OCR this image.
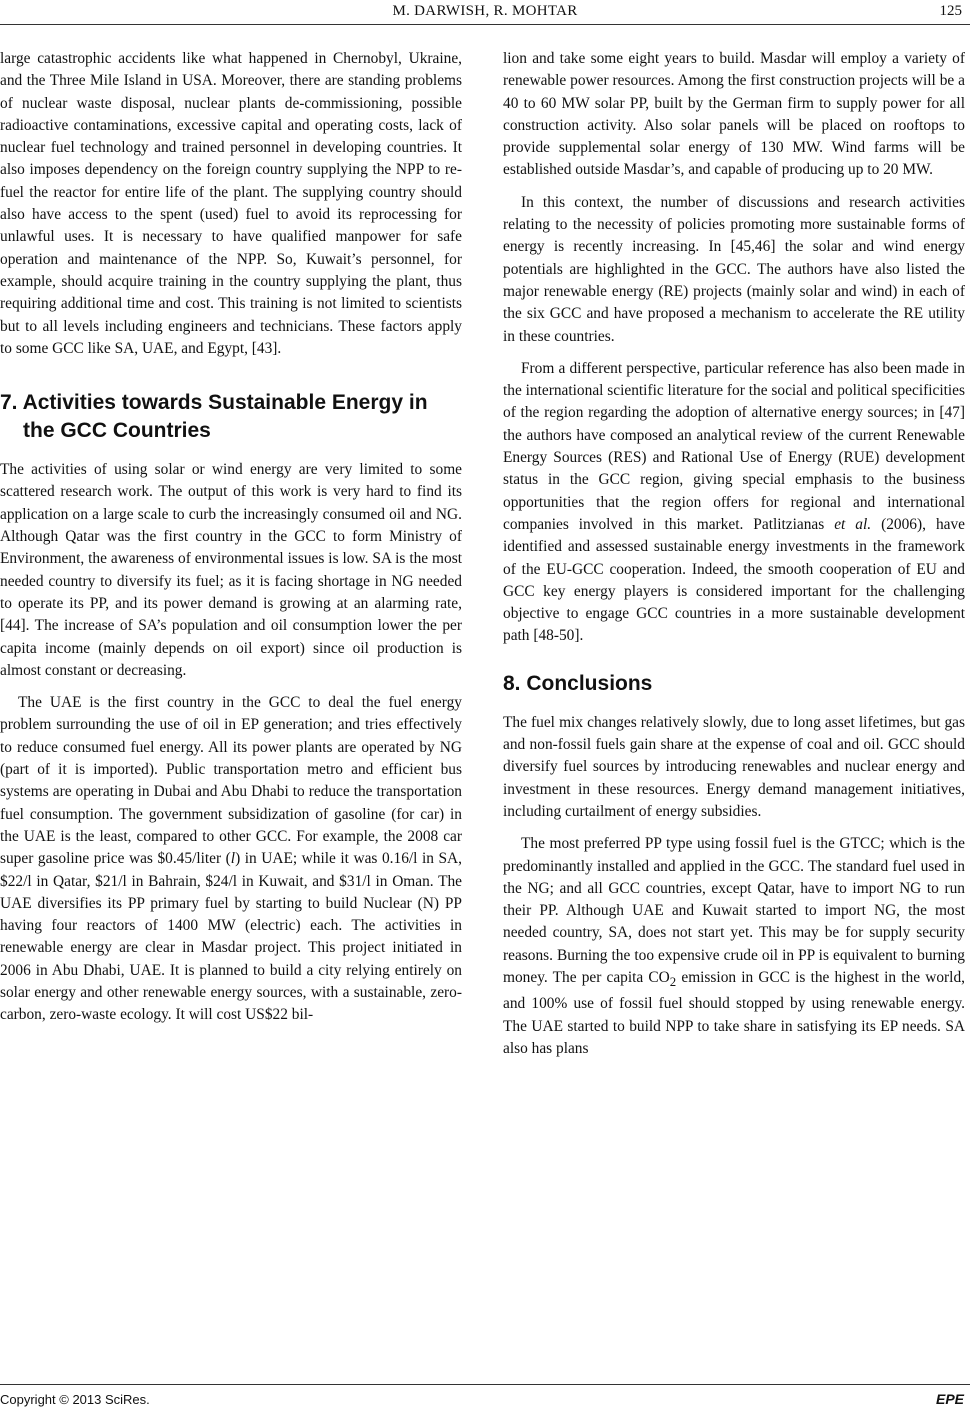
M. DARWISH, R. MOHTAR	125

large catastrophic accidents like what happened in Chernobyl, Ukraine, and the Three Mile Island in USA. Moreover, there are standing problems of nuclear waste disposal, nuclear plants de-commissioning, possible radioactive contaminations, excessive capital and operating costs, lack of nuclear fuel technology and trained personnel in developing countries. It also imposes dependency on the foreign country supplying the NPP to re-fuel the reactor for entire life of the plant. The supplying country should also have access to the spent (used) fuel to avoid its reprocessing for unlawful uses. It is necessary to have qualified manpower for safe operation and maintenance of the NPP. So, Kuwait’s personnel, for example, should acquire training in the country supplying the plant, thus requiring additional time and cost. This training is not limited to scientists but to all levels including engineers and technicians. These factors apply to some GCC like SA, UAE, and Egypt, [43].

7. Activities towards Sustainable Energy in the GCC Countries

The activities of using solar or wind energy are very limited to some scattered research work. The output of this work is very hard to find its application on a large scale to curb the increasingly consumed oil and NG. Although Qatar was the first country in the GCC to form Ministry of Environment, the awareness of environmental issues is low. SA is the most needed country to diversify its fuel; as it is facing shortage in NG needed to operate its PP, and its power demand is growing at an alarming rate, [44]. The increase of SA’s population and oil consumption lower the per capita income (mainly depends on oil export) since oil production is almost constant or decreasing.

The UAE is the first country in the GCC to deal the fuel energy problem surrounding the use of oil in EP generation; and tries effectively to reduce consumed fuel energy. All its power plants are operated by NG (part of it is imported). Public transportation metro and efficient bus systems are operating in Dubai and Abu Dhabi to reduce the transportation fuel consumption. The government subsidization of gasoline (for car) in the UAE is the least, compared to other GCC. For example, the 2008 car super gasoline price was $0.45/liter (l) in UAE; while it was 0.16/l in SA, $22/l in Qatar, $21/l in Bahrain, $24/l in Kuwait, and $31/l in Oman. The UAE diversifies its PP primary fuel by starting to build Nuclear (N) PP having four reactors of 1400 MW (electric) each. The activities in renewable energy are clear in Masdar project. This project initiated in 2006 in Abu Dhabi, UAE. It is planned to build a city relying entirely on solar energy and other renewable energy sources, with a sustainable, zero-carbon, zero-waste ecology. It will cost US$22 bil-

lion and take some eight years to build. Masdar will employ a variety of renewable power resources. Among the first construction projects will be a 40 to 60 MW solar PP, built by the German firm to supply power for all construction activity. Also solar panels will be placed on rooftops to provide supplemental solar energy of 130 MW. Wind farms will be established outside Masdar’s, and capable of producing up to 20 MW.

In this context, the number of discussions and research activities relating to the necessity of policies promoting more sustainable forms of energy is recently increasing. In [45,46] the solar and wind energy potentials are highlighted in the GCC. The authors have also listed the major renewable energy (RE) projects (mainly solar and wind) in each of the six GCC and have proposed a mechanism to accelerate the RE utility in these countries.

From a different perspective, particular reference has also been made in the international scientific literature for the social and political specificities of the region regarding the adoption of alternative energy sources; in [47] the authors have composed an analytical review of the current Renewable Energy Sources (RES) and Rational Use of Energy (RUE) development status in the GCC region, giving special emphasis to the business opportunities that the region offers for regional and international companies involved in this market. Patlitzianas et al. (2006), have identified and assessed sustainable energy investments in the framework of the EU-GCC cooperation. Indeed, the smooth cooperation of EU and GCC key energy players is considered important for the challenging objective to engage GCC countries in a more sustainable development path [48-50].

8. Conclusions

The fuel mix changes relatively slowly, due to long asset lifetimes, but gas and non-fossil fuels gain share at the expense of coal and oil. GCC should diversify fuel sources by introducing renewables and nuclear energy and investment in these resources. Energy demand management initiatives, including curtailment of energy subsidies.

The most preferred PP type using fossil fuel is the GTCC; which is the predominantly installed and applied in the GCC. The standard fuel used in the NG; and all GCC countries, except Qatar, have to import NG to run their PP. Although UAE and Kuwait started to import NG, the most needed country, SA, does not start yet. This may be for supply security reasons. Burning the too expensive crude oil in PP is equivalent to burning money. The per capita $CO_2$ emission in GCC is the highest in the world, and 100% use of fossil fuel should stopped by using renewable energy. The UAE started to build NPP to take share in satisfying its EP needs. SA also has plans

Copyright © 2013 SciRes.	EPE
